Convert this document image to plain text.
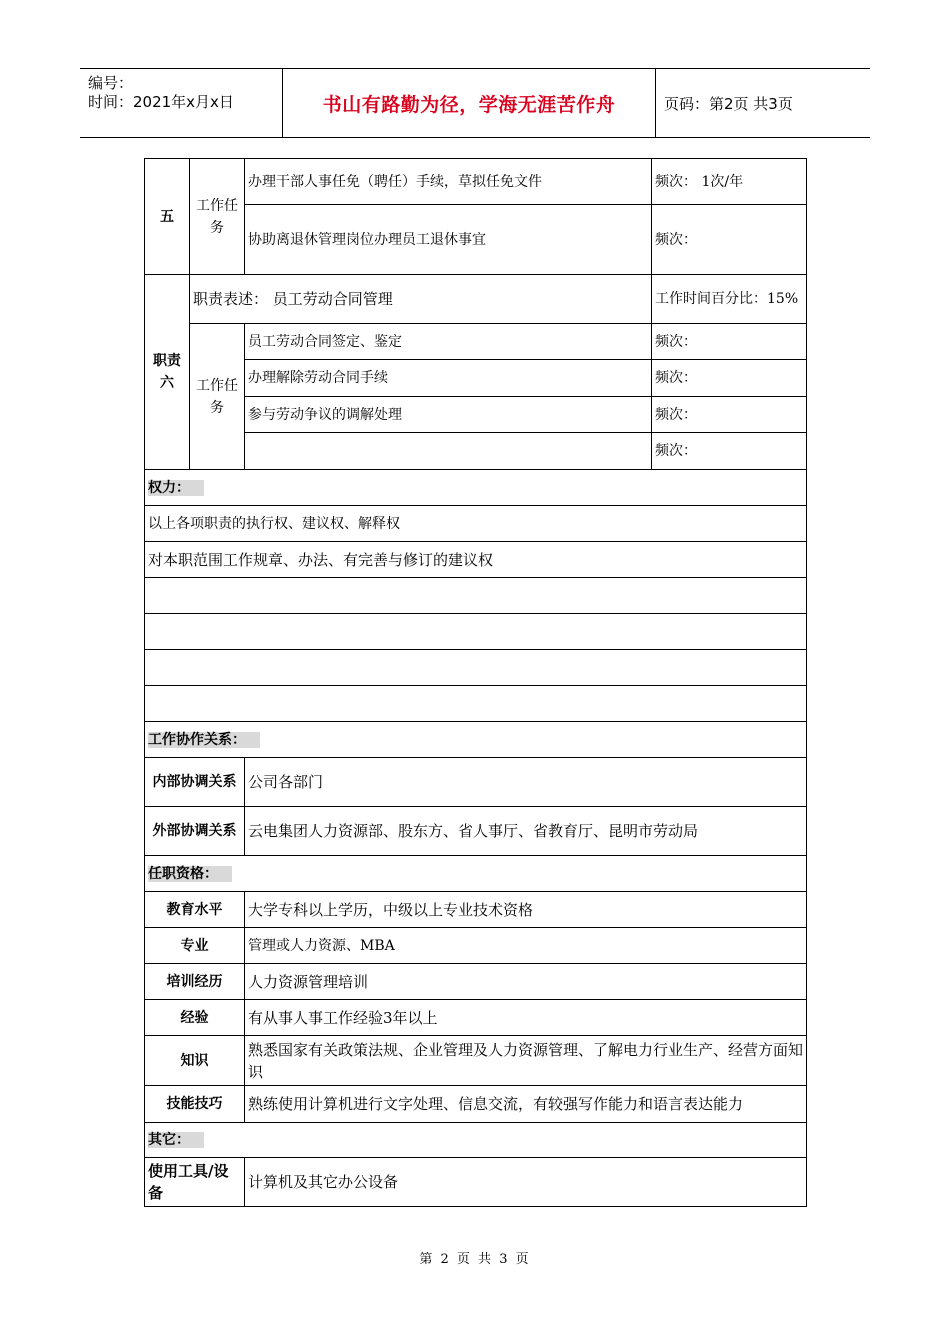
编号：
时间：2021年x月x日	书山有路勤为径，学海无涯苦作舟	页码：第2页 共3页
五	工作任务	办理干部人事任免（聘任）手续，草拟任免文件	频次： 1次/年
		协助离退休管理岗位办理员工退休事宜	频次：
职责六	职责表述： 员工劳动合同管理		工作时间百分比：15%
	工作任务	员工劳动合同签定、鉴定	频次：
		办理解除劳动合同手续	频次：
		参与劳动争议的调解处理	频次：
			频次：
权力：			
以上各项职责的执行权、建议权、解释权			
对本职范围工作规章、办法、有完善与修订的建议权			

工作协作关系：			
内部协调关系		公司各部门	
外部协调关系		云电集团人力资源部、股东方、省人事厅、省教育厅、昆明市劳动局	
任职资格：			
教育水平		大学专科以上学历，中级以上专业技术资格	
专业		管理或人力资源、MBA	
培训经历		人力资源管理培训	
经验		有从事人事工作经验3年以上	
知识		熟悉国家有关政策法规、企业管理及人力资源管理、了解电力行业生产、经营方面知识	
技能技巧		熟练使用计算机进行文字处理、信息交流，有较强写作能力和语言表达能力	
其它：			
使用工具/设备		计算机及其它办公设备	
第 2 页 共 3 页
